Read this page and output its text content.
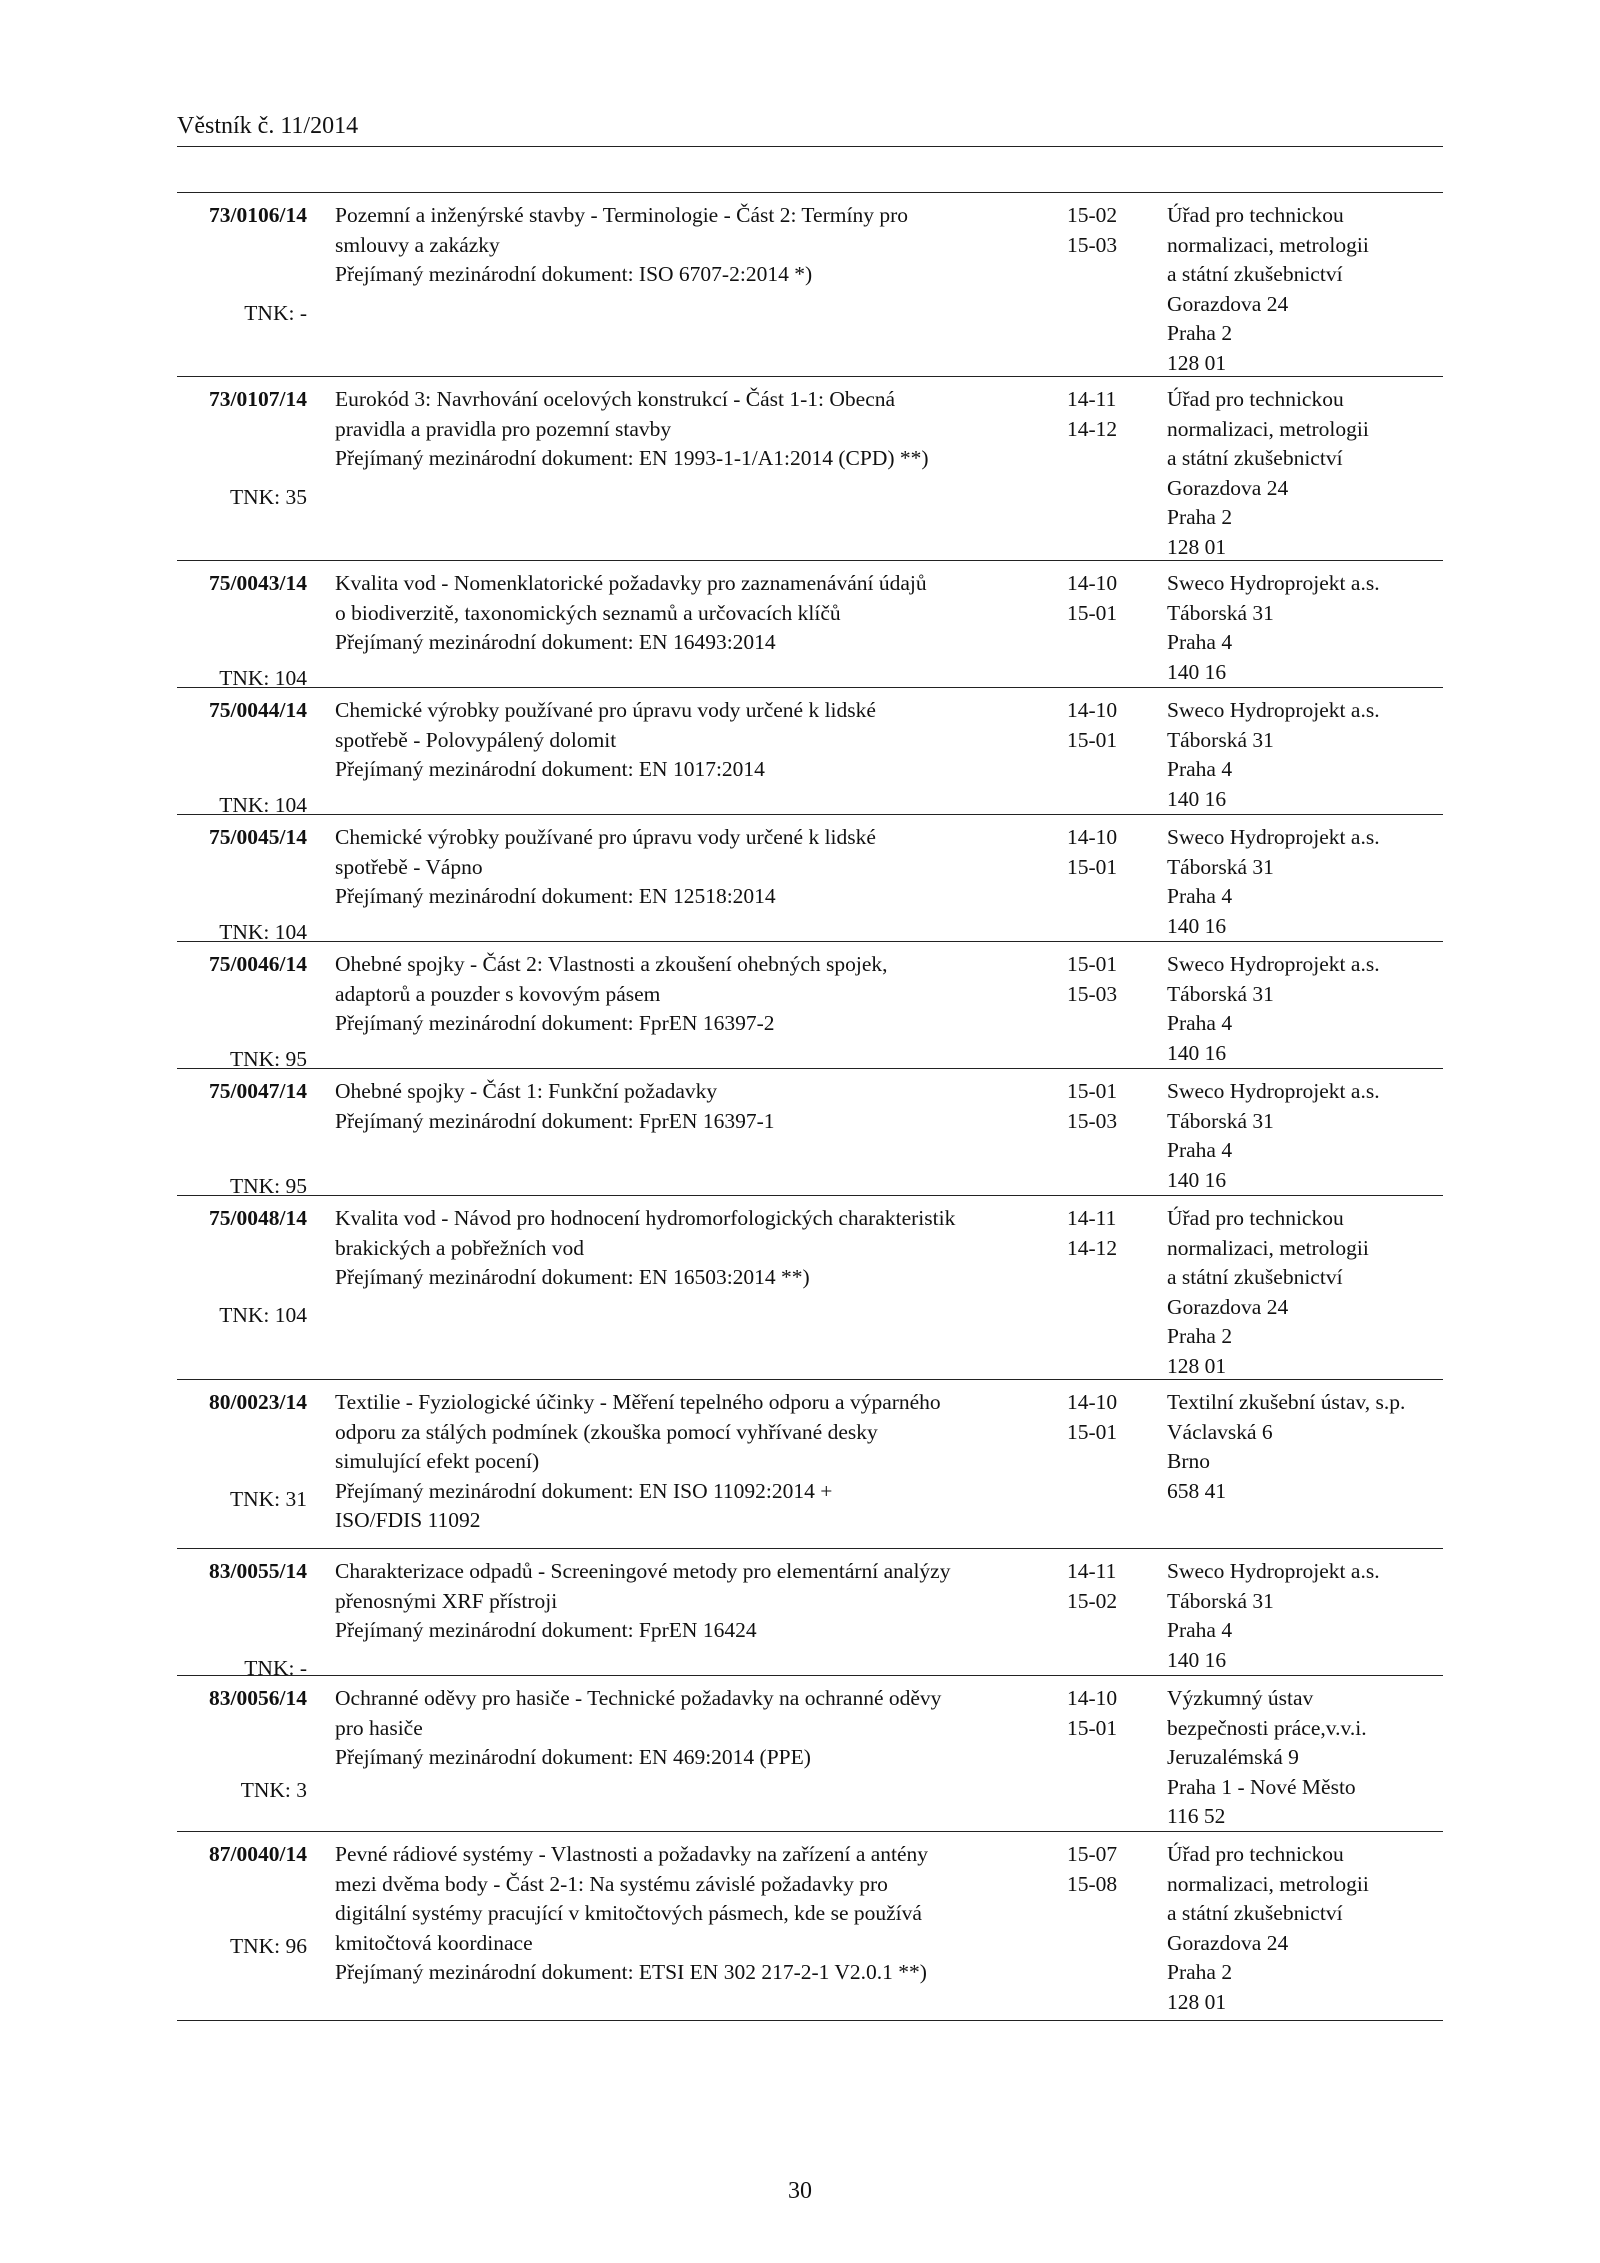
Věstník č. 11/2014
73/0106/14
TNK: -
Pozemní a inženýrské stavby - Terminologie - Část 2: Termíny pro
smlouvy a zakázky
Přejímaný mezinárodní dokument: ISO 6707-2:2014 *)
15-02
15-03
Úřad pro technickou
normalizaci, metrologii
a státní zkušebnictví
Gorazdova 24
Praha 2
128 01
73/0107/14
TNK: 35
Eurokód 3: Navrhování ocelových konstrukcí - Část 1-1: Obecná
pravidla a pravidla pro pozemní stavby
Přejímaný mezinárodní dokument: EN 1993-1-1/A1:2014 (CPD) **)
14-11
14-12
Úřad pro technickou
normalizaci, metrologii
a státní zkušebnictví
Gorazdova 24
Praha 2
128 01
75/0043/14
TNK: 104
Kvalita vod - Nomenklatorické požadavky pro zaznamenávání údajů
o biodiverzitě, taxonomických seznamů a určovacích klíčů
Přejímaný mezinárodní dokument: EN 16493:2014
14-10
15-01
Sweco Hydroprojekt a.s.
Táborská 31
Praha 4
140 16
75/0044/14
TNK: 104
Chemické výrobky používané pro úpravu vody určené k lidské
spotřebě - Polovypálený dolomit
Přejímaný mezinárodní dokument: EN 1017:2014
14-10
15-01
Sweco Hydroprojekt a.s.
Táborská 31
Praha 4
140 16
75/0045/14
TNK: 104
Chemické výrobky používané pro úpravu vody určené k lidské
spotřebě - Vápno
Přejímaný mezinárodní dokument: EN 12518:2014
14-10
15-01
Sweco Hydroprojekt a.s.
Táborská 31
Praha 4
140 16
75/0046/14
TNK: 95
Ohebné spojky - Část 2: Vlastnosti a zkoušení ohebných spojek,
adaptorů a pouzder s kovovým pásem
Přejímaný mezinárodní dokument: FprEN 16397-2
15-01
15-03
Sweco Hydroprojekt a.s.
Táborská 31
Praha 4
140 16
75/0047/14
TNK: 95
Ohebné spojky - Část 1: Funkční požadavky
Přejímaný mezinárodní dokument: FprEN 16397-1
15-01
15-03
Sweco Hydroprojekt a.s.
Táborská 31
Praha 4
140 16
75/0048/14
TNK: 104
Kvalita vod - Návod pro hodnocení hydromorfologických charakteristik
brakických a pobřežních vod
Přejímaný mezinárodní dokument: EN 16503:2014 **)
14-11
14-12
Úřad pro technickou
normalizaci, metrologii
a státní zkušebnictví
Gorazdova 24
Praha 2
128 01
80/0023/14
TNK: 31
Textilie - Fyziologické účinky - Měření tepelného odporu a výparného
odporu za stálých podmínek (zkouška pomocí vyhřívané desky
simulující efekt pocení)
Přejímaný mezinárodní dokument: EN ISO 11092:2014 +
ISO/FDIS 11092
14-10
15-01
Textilní zkušební ústav, s.p.
Václavská 6
Brno
658 41
83/0055/14
TNK: -
Charakterizace odpadů - Screeningové metody pro elementární analýzy
přenosnými XRF přístroji
Přejímaný mezinárodní dokument: FprEN 16424
14-11
15-02
Sweco Hydroprojekt a.s.
Táborská 31
Praha 4
140 16
83/0056/14
TNK: 3
Ochranné oděvy pro hasiče - Technické požadavky na ochranné oděvy
pro hasiče
Přejímaný mezinárodní dokument: EN 469:2014 (PPE)
14-10
15-01
Výzkumný ústav
bezpečnosti práce,v.v.i.
Jeruzalémská 9
Praha 1 - Nové Město
116 52
87/0040/14
TNK: 96
Pevné rádiové systémy - Vlastnosti a požadavky na zařízení a antény
mezi dvěma body - Část 2-1: Na systému závislé požadavky pro
digitální systémy pracující v kmitočtových pásmech, kde se používá
kmitočtová koordinace
Přejímaný mezinárodní dokument: ETSI EN 302 217-2-1 V2.0.1 **)
15-07
15-08
Úřad pro technickou
normalizaci, metrologii
a státní zkušebnictví
Gorazdova 24
Praha 2
128 01
30
